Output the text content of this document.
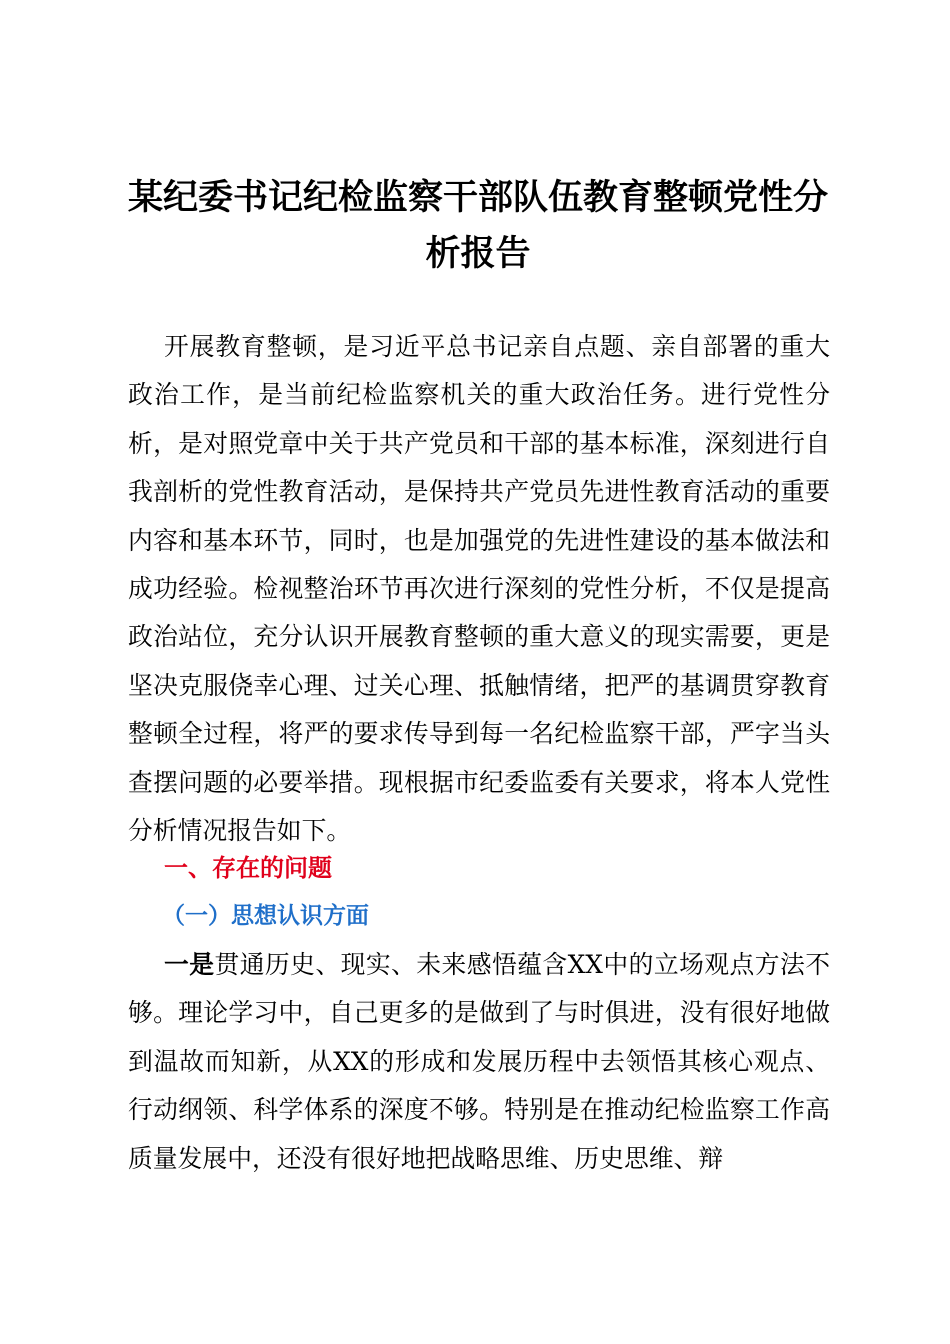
某纪委书记纪检监察干部队伍教育整顿党性分析报告

开展教育整顿，是习近平总书记亲自点题、亲自部署的重大政治工作，是当前纪检监察机关的重大政治任务。进行党性分析，是对照党章中关于共产党员和干部的基本标准，深刻进行自我剖析的党性教育活动，是保持共产党员先进性教育活动的重要内容和基本环节，同时，也是加强党的先进性建设的基本做法和成功经验。检视整治环节再次进行深刻的党性分析，不仅是提高政治站位，充分认识开展教育整顿的重大意义的现实需要，更是坚决克服侥幸心理、过关心理、抵触情绪，把严的基调贯穿教育整顿全过程，将严的要求传导到每一名纪检监察干部，严字当头查摆问题的必要举措。现根据市纪委监委有关要求，将本人党性分析情况报告如下。

一、存在的问题
（一）思想认识方面

一是贯通历史、现实、未来感悟蕴含XX中的立场观点方法不够。理论学习中，自己更多的是做到了与时俱进，没有很好地做到温故而知新，从XX的形成和发展历程中去领悟其核心观点、行动纲领、科学体系的深度不够。特别是在推动纪检监察工作高质量发展中，还没有很好地把战略思维、历史思维、辩
